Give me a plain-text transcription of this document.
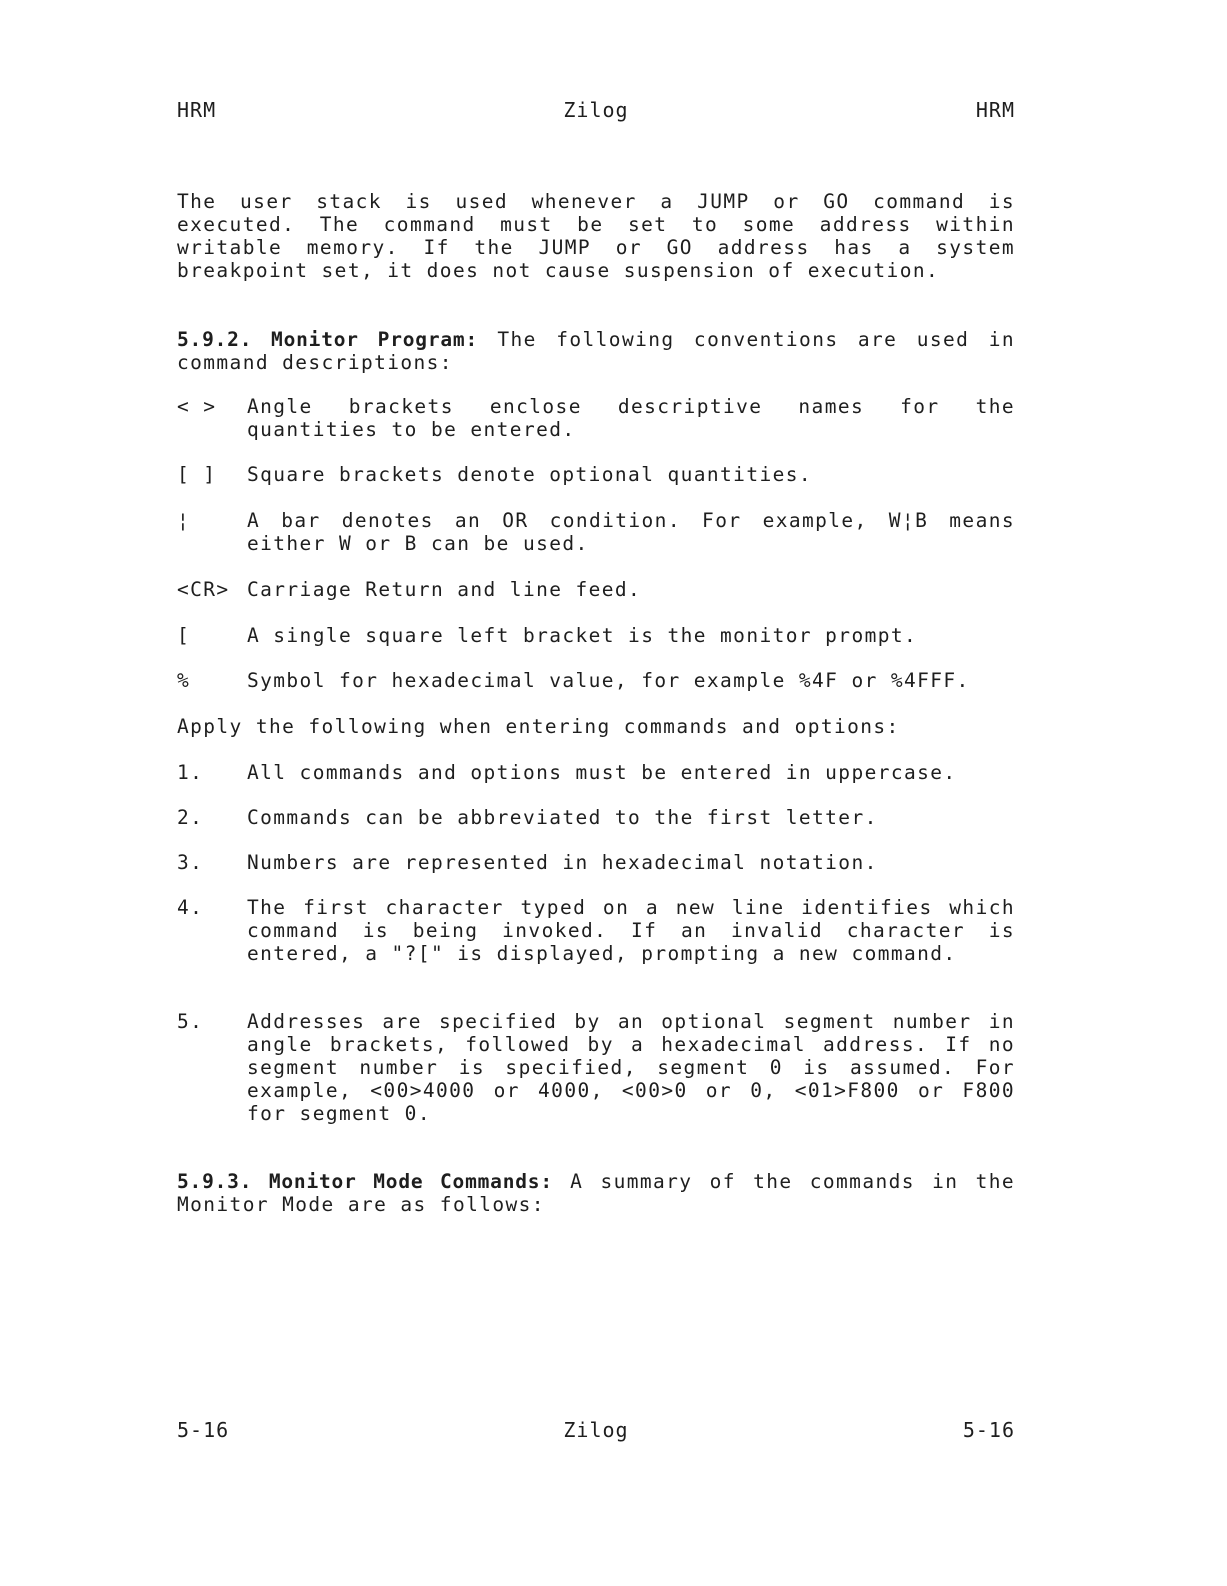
HRM	Zilog	HRM

The user stack is used whenever a JUMP or GO command is executed. The command must be set to some address within writable memory. If the JUMP or GO address has a system breakpoint set, it does not cause suspension of execution.

5.9.2. Monitor Program: The following conventions are used in command descriptions:

< >	Angle brackets enclose descriptive names for the quantities to be entered.
[ ]	Square brackets denote optional quantities.
¦	A bar denotes an OR condition. For example, W¦B means either W or B can be used.
<CR> Carriage Return and line feed.
[	A single square left bracket is the monitor prompt.
%	Symbol for hexadecimal value, for example %4F or %4FFF.

Apply the following when entering commands and options:

1.	All commands and options must be entered in uppercase.
2.	Commands can be abbreviated to the first letter.
3.	Numbers are represented in hexadecimal notation.
4.	The first character typed on a new line identifies which command is being invoked. If an invalid character is entered, a "?[" is displayed, prompting a new command.
5.	Addresses are specified by an optional segment number in angle brackets, followed by a hexadecimal address. If no segment number is specified, segment 0 is assumed. For example, <00>4000 or 4000, <00>0 or 0, <01>F800 or F800 for segment 0.

5.9.3. Monitor Mode Commands: A summary of the commands in the Monitor Mode are as follows:

5-16	Zilog	5-16
